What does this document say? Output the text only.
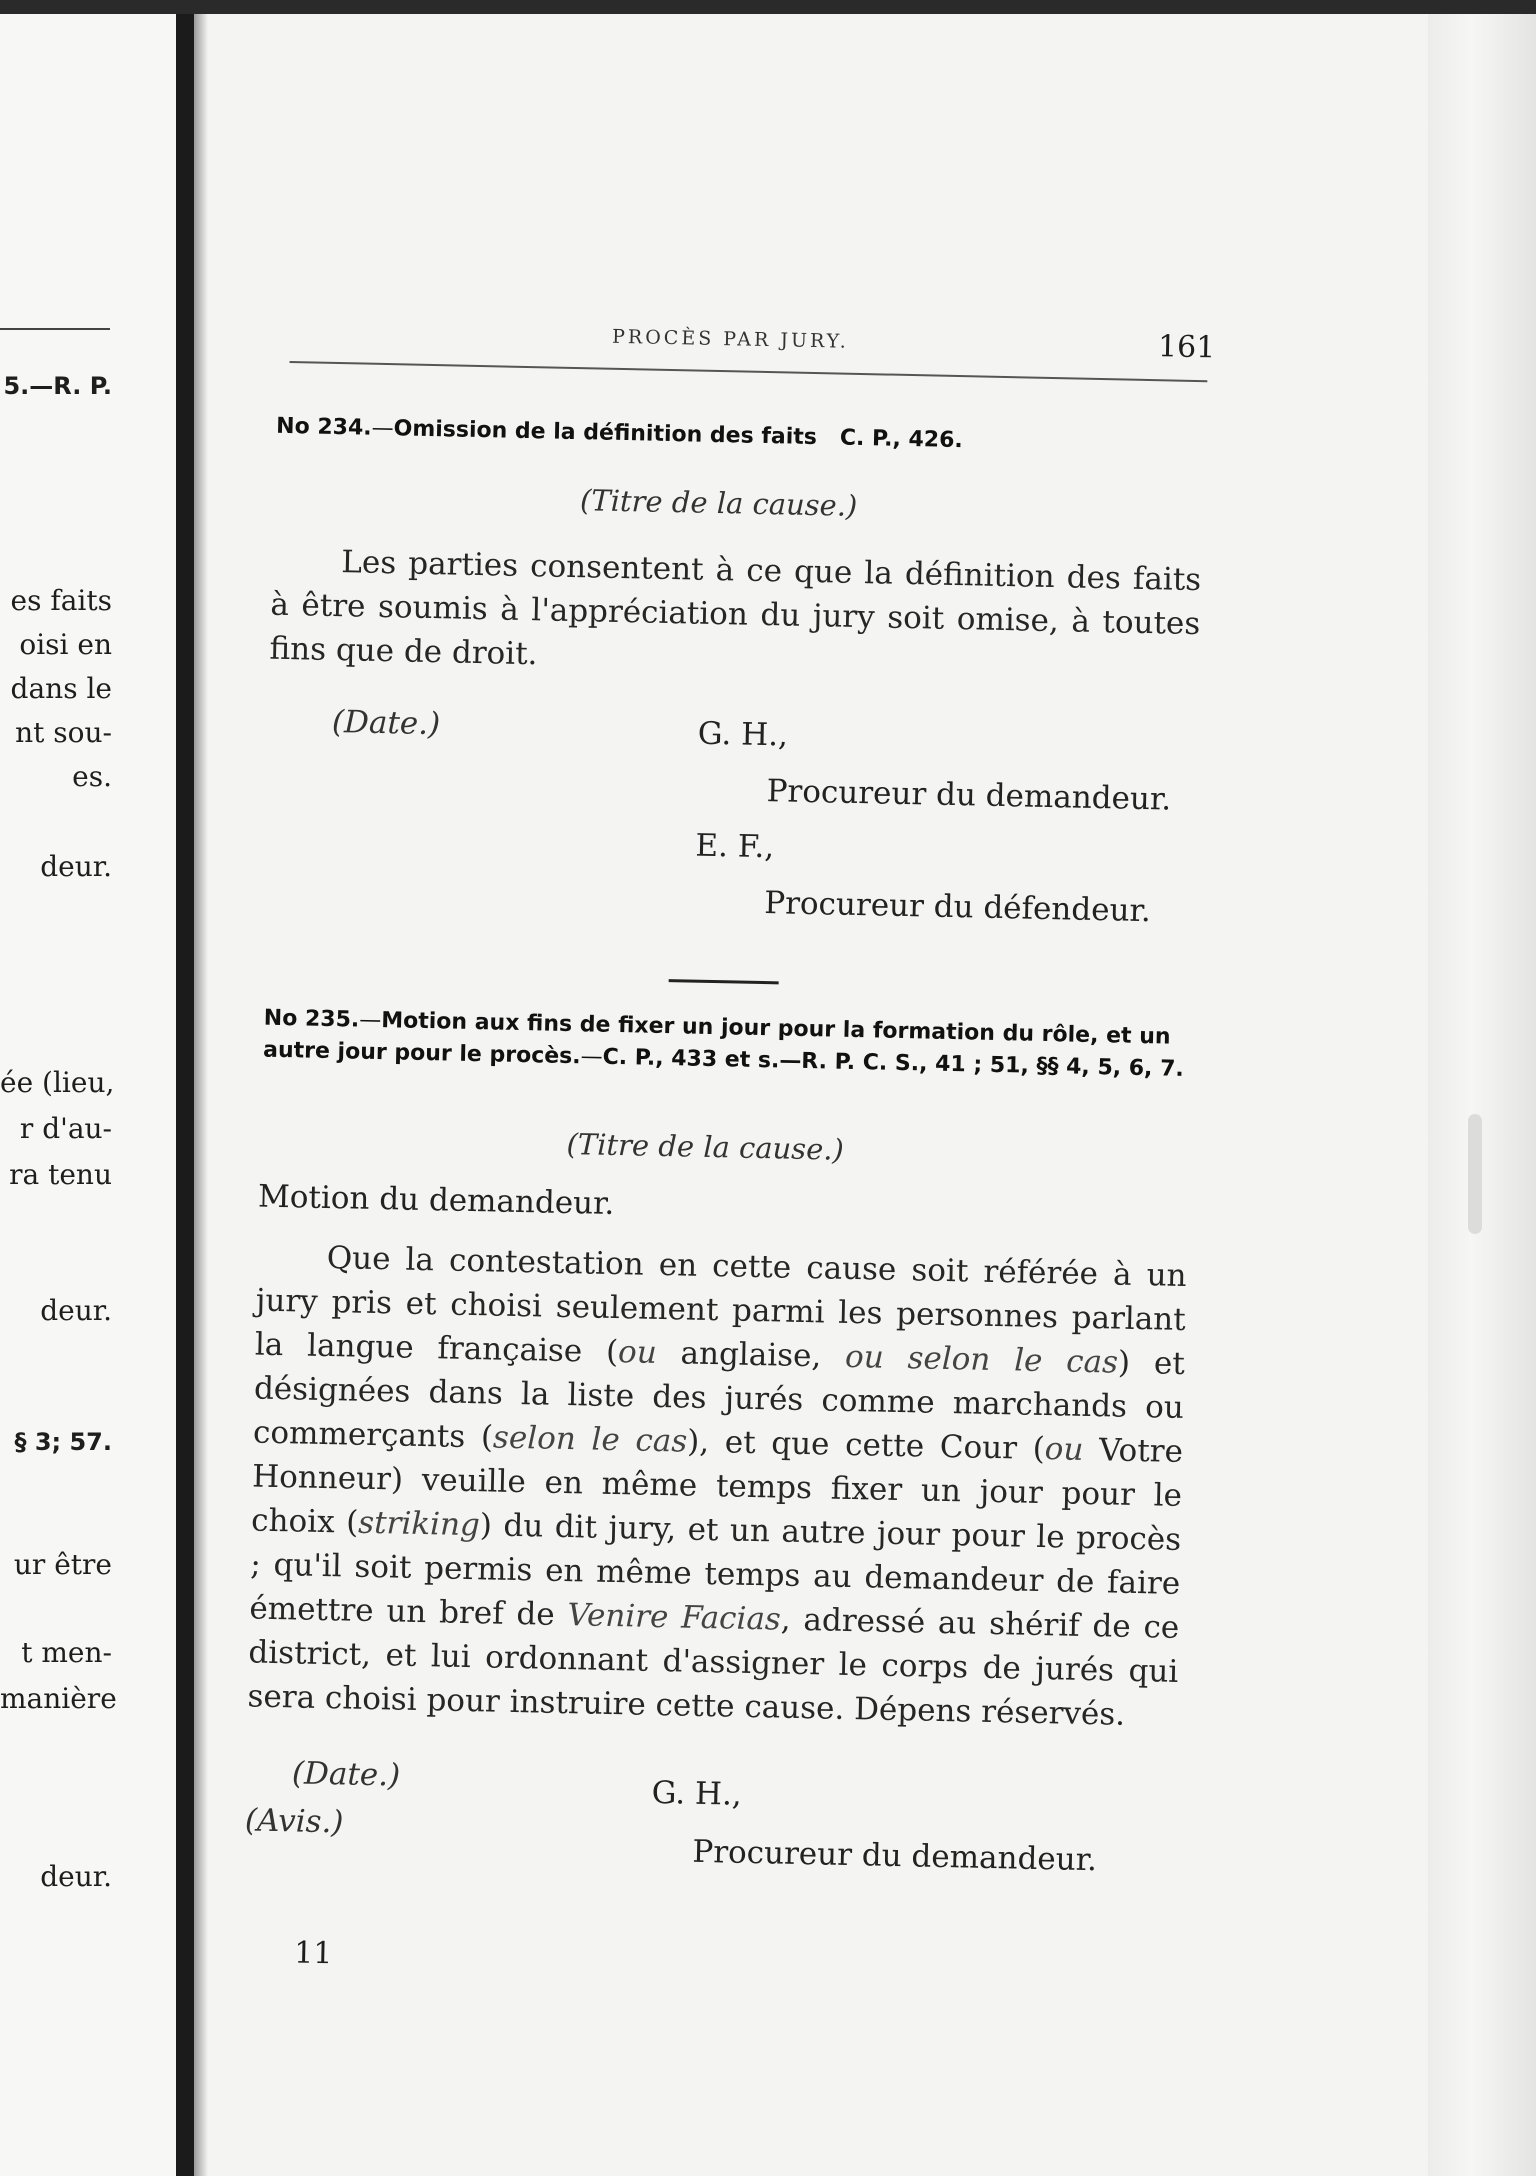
5.—R. P.
es faits
oisi en
dans le
nt sou-
es.
deur.
ée (lieu,
r d'au-
ra tenu
deur.
§ 3; 57.
ur être
t men-
manière
deur.
PROCÈS PAR JURY.	161
No 234.—Omission de la définition des faits C. P., 426.
(Titre de la cause.)

Les parties consentent à ce que la définition des faits à être soumis à l'appréciation du jury soit omise, à toutes fins que de droit.

(Date.)	G. H.,
Procureur du demandeur.
E. F.,
Procureur du défendeur.
No 235.—Motion aux fins de fixer un jour pour la formation du rôle, et un autre jour pour le procès.—C. P., 433 et s.—R. P. C. S., 41 ; 51, §§ 4, 5, 6, 7.
(Titre de la cause.)
Motion du demandeur.

Que la contestation en cette cause soit référée à un jury pris et choisi seulement parmi les personnes parlant la langue française (ou anglaise, ou selon le cas) et désignées dans la liste des jurés comme marchands ou commerçants (selon le cas), et que cette Cour (ou Votre Honneur) veuille en même temps fixer un jour pour le choix (striking) du dit jury, et un autre jour pour le procès ; qu'il soit permis en même temps au demandeur de faire émettre un bref de Venire Facias, adressé au shérif de ce district, et lui ordonnant d'assigner le corps de jurés qui sera choisi pour instruire cette cause. Dépens réservés.

(Date.)
(Avis.)
G. H.,
Procureur du demandeur.
11
